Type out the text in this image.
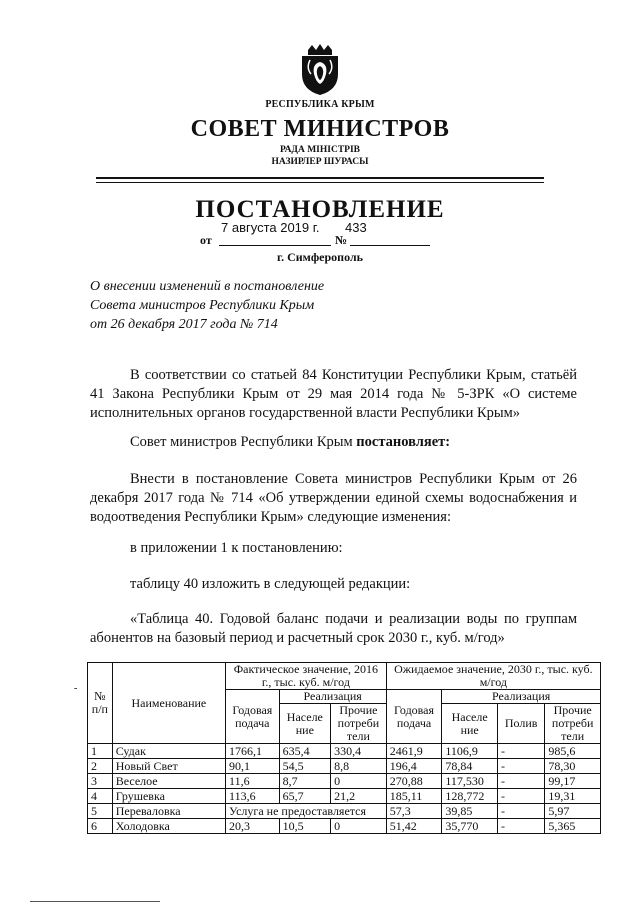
РЕСПУБЛИКА КРЫМ
СОВЕТ МИНИСТРОВ
РАДА МІНІСТРІВ
НАЗИРЛЕР ШУРАСЫ
ПОСТАНОВЛЕНИЕ
7 августа 2019 г. 433
от	№
г. Симферополь
О внесении изменений в постановление
Совета министров Республики Крым
от 26 декабря 2017 года № 714
В соответствии со статьей 84 Конституции Республики Крым, статьёй 41 Закона Республики Крым от 29 мая 2014 года № 5-ЗРК «О системе исполнительных органов государственной власти Республики Крым»
Совет министров Республики Крым постановляет:
Внести в постановление Совета министров Республики Крым от 26 декабря 2017 года № 714 «Об утверждении единой схемы водоснабжения и водоотведения Республики Крым» следующие изменения:
в приложении 1 к постановлению:
таблицу 40 изложить в следующей редакции:
«Таблица 40. Годовой баланс подачи и реализации воды по группам абонентов на базовый период и расчетный срок 2030 г., куб. м/год»
-
№ п/п	Наименование	Фактическое значение, 2016 г., тыс. куб. м/год			Ожидаемое значение, 2030 г., тыс. куб. м/год			
		Годовая подача	Реализация		Годовая подача	Реализация		
			Населе ние	Прочие потреби тели		Населе ние	Полив	Прочие потреби тели
1	Судак	1766,1	635,4	330,4	2461,9	1106,9	-	985,6
2	Новый Свет	90,1	54,5	8,8	196,4	78,84	-	78,30
3	Веселое	11,6	8,7	0	270,88	117,530	-	99,17
4	Грушевка	113,6	65,7	21,2	185,11	128,772	-	19,31
5	Переваловка	Услуга не предоставляется			57,3	39,85	-	5,97
6	Холодовка	20,3	10,5	0	51,42	35,770	-	5,365
